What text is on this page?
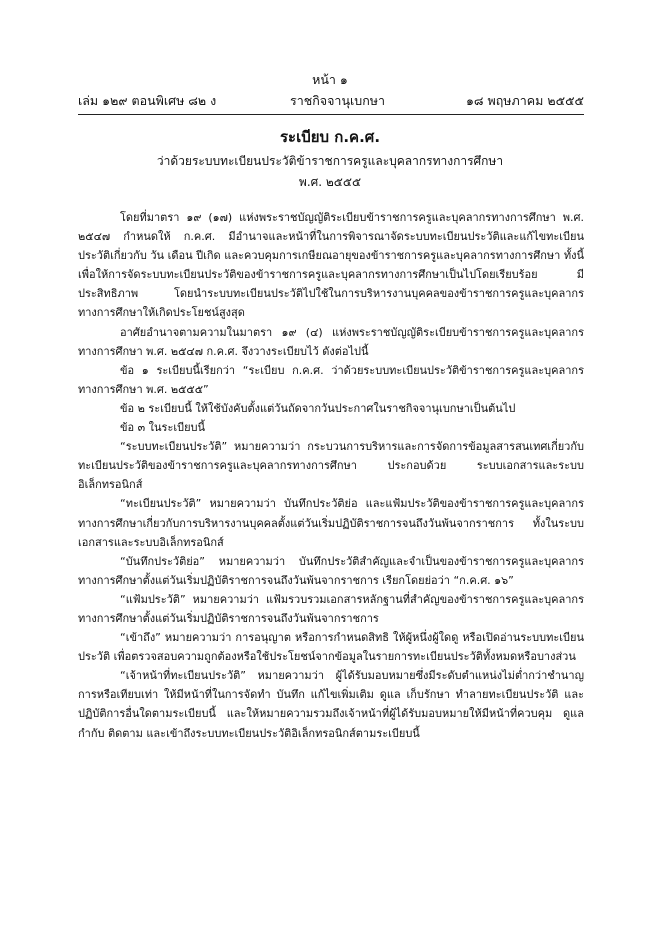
หน้า ๑
เล่ม ๑๒๙ ตอนพิเศษ ๘๒ ง	ราชกิจจานุเบกษา	๑๘ พฤษภาคม ๒๕๕๕
ระเบียบ ก.ค.ศ.
ว่าด้วยระบบทะเบียนประวัติข้าราชการครูและบุคลากรทางการศึกษา
พ.ศ. ๒๕๕๕

โดยที่มาตรา ๑๙ (๑๗) แห่งพระราชบัญญัติระเบียบข้าราชการครูและบุคลากรทางการศึกษา พ.ศ. ๒๕๔๗ กำหนดให้ ก.ค.ศ. มีอำนาจและหน้าที่ในการพิจารณาจัดระบบทะเบียนประวัติและแก้ไขทะเบียนประวัติเกี่ยวกับ วัน เดือน ปีเกิด และควบคุมการเกษียณอายุของข้าราชการครูและบุคลากรทางการศึกษา ทั้งนี้ เพื่อให้การจัดระบบทะเบียนประวัติของข้าราชการครูและบุคลากรทางการศึกษาเป็นไปโดยเรียบร้อย มีประสิทธิภาพ โดยนำระบบทะเบียนประวัติไปใช้ในการบริหารงานบุคคลของข้าราชการครูและบุคลากรทางการศึกษาให้เกิดประโยชน์สูงสุด

อาศัยอำนาจตามความในมาตรา ๑๙ (๔) แห่งพระราชบัญญัติระเบียบข้าราชการครูและบุคลากรทางการศึกษา พ.ศ. ๒๕๔๗ ก.ค.ศ. จึงวางระเบียบไว้ ดังต่อไปนี้

ข้อ ๑ ระเบียบนี้เรียกว่า “ระเบียบ ก.ค.ศ. ว่าด้วยระบบทะเบียนประวัติข้าราชการครูและบุคลากรทางการศึกษา พ.ศ. ๒๕๕๕”

ข้อ ๒ ระเบียบนี้ ให้ใช้บังคับตั้งแต่วันถัดจากวันประกาศในราชกิจจานุเบกษาเป็นต้นไป

ข้อ ๓ ในระเบียบนี้

“ระบบทะเบียนประวัติ” หมายความว่า กระบวนการบริหารและการจัดการข้อมูลสารสนเทศเกี่ยวกับทะเบียนประวัติของข้าราชการครูและบุคลากรทางการศึกษา ประกอบด้วย ระบบเอกสารและระบบอิเล็กทรอนิกส์

“ทะเบียนประวัติ” หมายความว่า บันทึกประวัติย่อ และแฟ้มประวัติของข้าราชการครูและบุคลากรทางการศึกษาเกี่ยวกับการบริหารงานบุคคลตั้งแต่วันเริ่มปฏิบัติราชการจนถึงวันพ้นจากราชการ ทั้งในระบบเอกสารและระบบอิเล็กทรอนิกส์

“บันทึกประวัติย่อ” หมายความว่า บันทึกประวัติสำคัญและจำเป็นของข้าราชการครูและบุคลากรทางการศึกษาตั้งแต่วันเริ่มปฏิบัติราชการจนถึงวันพ้นจากราชการ เรียกโดยย่อว่า “ก.ค.ศ. ๑๖”

“แฟ้มประวัติ” หมายความว่า แฟ้มรวบรวมเอกสารหลักฐานที่สำคัญของข้าราชการครูและบุคลากรทางการศึกษาตั้งแต่วันเริ่มปฏิบัติราชการจนถึงวันพ้นจากราชการ

“เข้าถึง” หมายความว่า การอนุญาต หรือการกำหนดสิทธิ ให้ผู้หนึ่งผู้ใดดู หรือเปิดอ่านระบบทะเบียนประวัติ เพื่อตรวจสอบความถูกต้องหรือใช้ประโยชน์จากข้อมูลในรายการทะเบียนประวัติทั้งหมดหรือบางส่วน

“เจ้าหน้าที่ทะเบียนประวัติ” หมายความว่า ผู้ได้รับมอบหมายซึ่งมีระดับตำแหน่งไม่ต่ำกว่าชำนาญการหรือเทียบเท่า ให้มีหน้าที่ในการจัดทำ บันทึก แก้ไขเพิ่มเติม ดูแล เก็บรักษา ทำลายทะเบียนประวัติ และปฏิบัติการอื่นใดตามระเบียบนี้ และให้หมายความรวมถึงเจ้าหน้าที่ผู้ได้รับมอบหมายให้มีหน้าที่ควบคุม ดูแล กำกับ ติดตาม และเข้าถึงระบบทะเบียนประวัติอิเล็กทรอนิกส์ตามระเบียบนี้
